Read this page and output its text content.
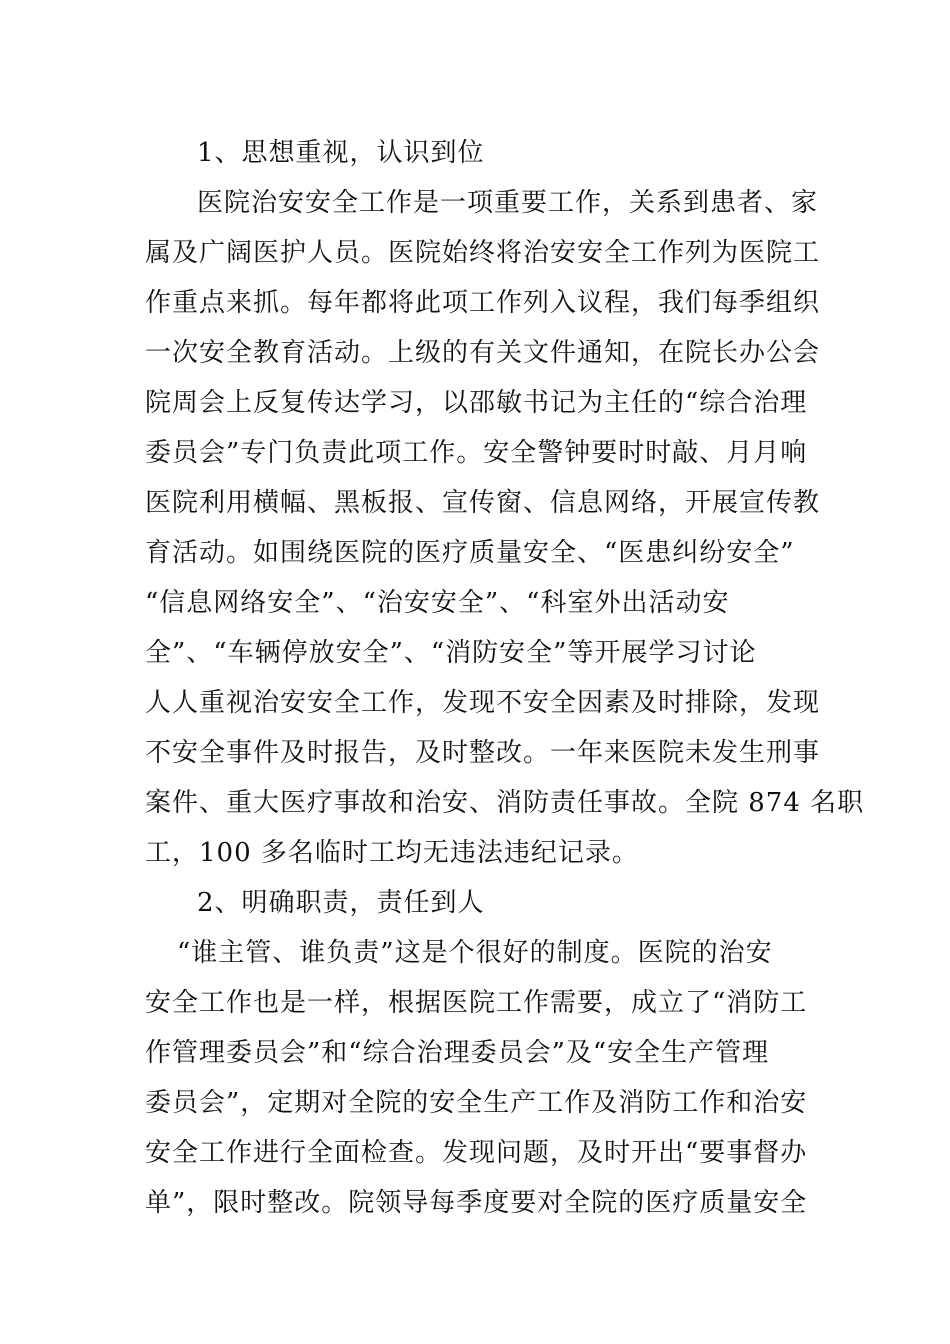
1、思想重视，认识到位
医院治安安全工作是一项重要工作，关系到患者、家
属及广阔医护人员。医院始终将治安安全工作列为医院工
作重点来抓。每年都将此项工作列入议程，我们每季组织
一次安全教育活动。上级的有关文件通知，在院长办公会
院周会上反复传达学习，以邵敏书记为主任的“综合治理
委员会”专门负责此项工作。安全警钟要时时敲、月月响
医院利用横幅、黑板报、宣传窗、信息网络，开展宣传教
育活动。如围绕医院的医疗质量安全、“医患纠纷安全”
“信息网络安全”、“治安安全”、“科室外出活动安
全”、“车辆停放安全”、“消防安全”等开展学习讨论
人人重视治安安全工作，发现不安全因素及时排除，发现
不安全事件及时报告，及时整改。一年来医院未发生刑事
案件、重大医疗事故和治安、消防责任事故。全院 874 名职
工，100 多名临时工均无违法违纪记录。
2、明确职责，责任到人
“谁主管、谁负责”这是个很好的制度。医院的治安
安全工作也是一样，根据医院工作需要，成立了“消防工
作管理委员会”和“综合治理委员会”及“安全生产管理
委员会”，定期对全院的安全生产工作及消防工作和治安
安全工作进行全面检查。发现问题，及时开出“要事督办
单”，限时整改。院领导每季度要对全院的医疗质量安全
